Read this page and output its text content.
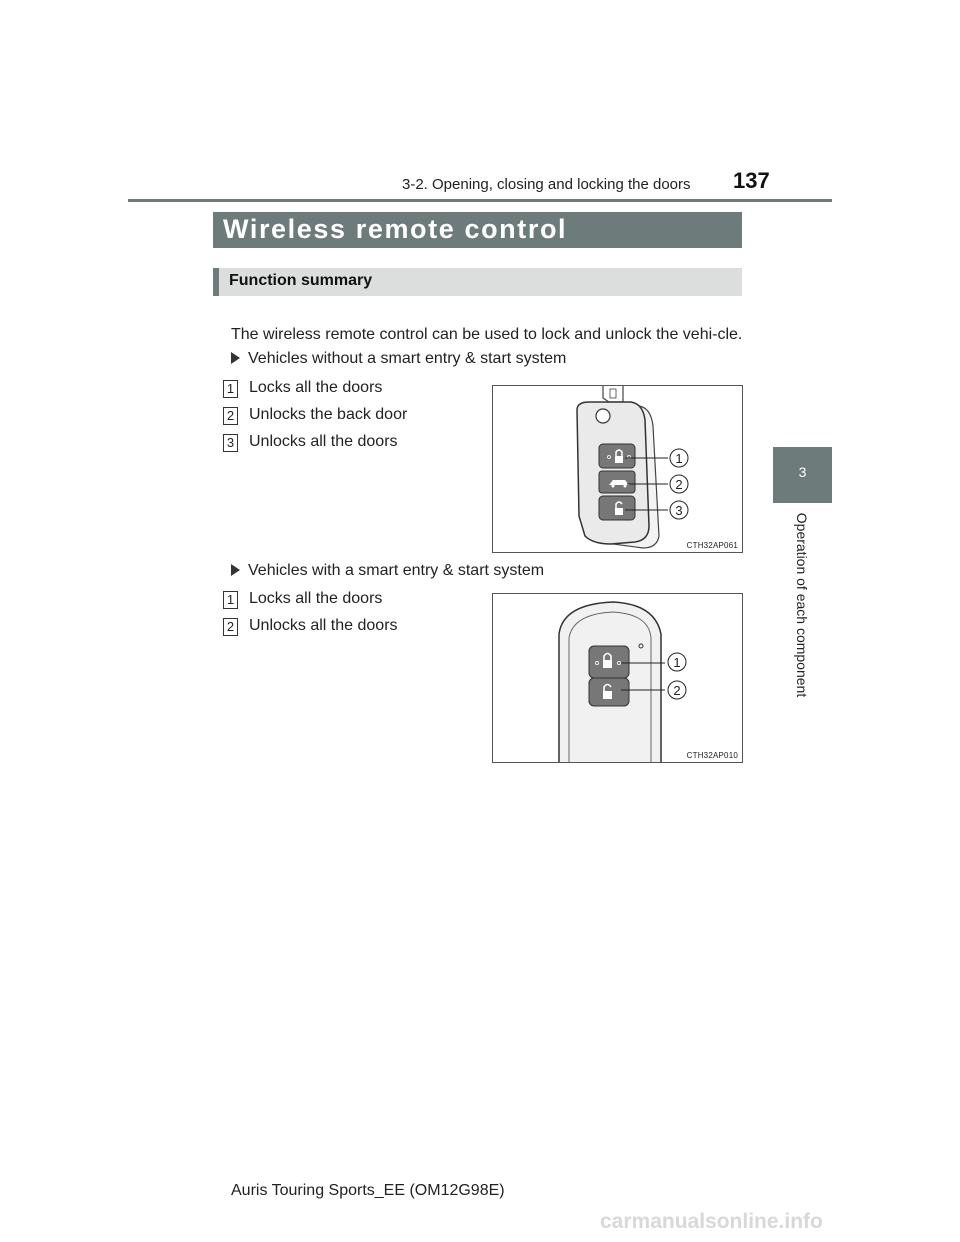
3-2. Opening, closing and locking the doors 137
Wireless remote control
Function summary
The wireless remote control can be used to lock and unlock the vehi-cle.
Vehicles without a smart entry & start system
1 Locks all the doors
2 Unlocks the back door
3 Unlocks all the doors
1
2
3
CTH32AP061
Vehicles with a smart entry & start system
1 Locks all the doors
2 Unlocks all the doors
1
2
CTH32AP010
3
Operation of each component
Auris Touring Sports_EE (OM12G98E)
carmanualsonline.info
